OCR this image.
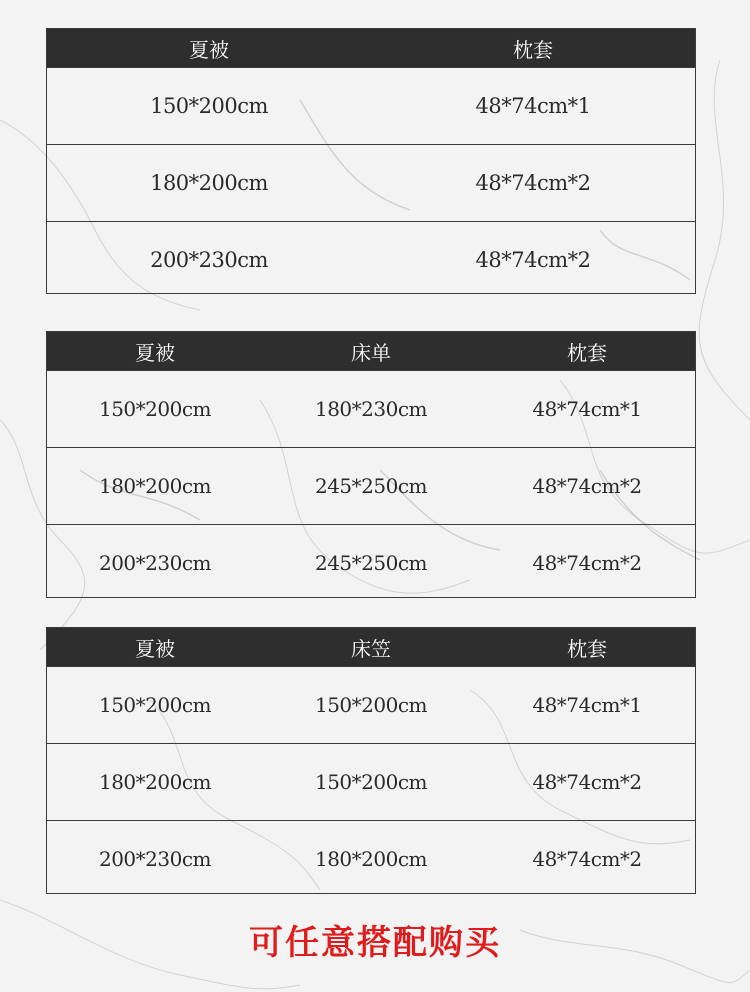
夏被	枕套
150*200cm	48*74cm*1
180*200cm	48*74cm*2
200*230cm	48*74cm*2
夏被	床单	枕套
150*200cm	180*230cm	48*74cm*1
180*200cm	245*250cm	48*74cm*2
200*230cm	245*250cm	48*74cm*2
夏被	床笠	枕套
150*200cm	150*200cm	48*74cm*1
180*200cm	150*200cm	48*74cm*2
200*230cm	180*200cm	48*74cm*2
可任意搭配购买
